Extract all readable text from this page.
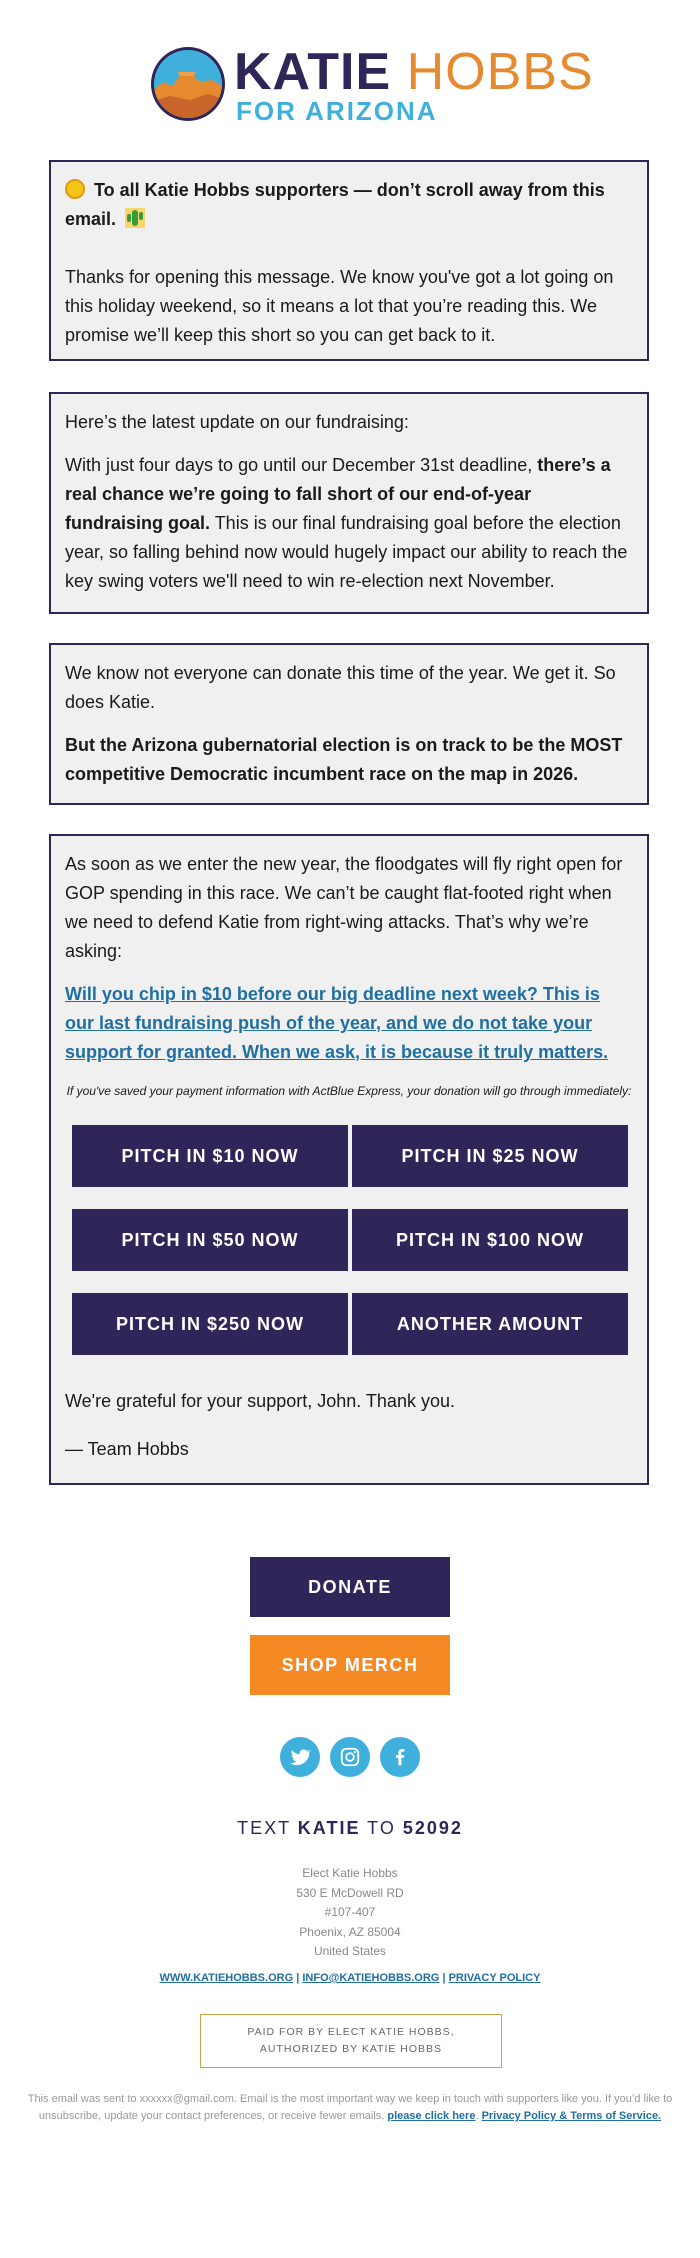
KATIE HOBBS
FOR ARIZONA

To all Katie Hobbs supporters — don’t scroll away from this email.

Thanks for opening this message. We know you've got a lot going on this holiday weekend, so it means a lot that you’re reading this. We promise we’ll keep this short so you can get back to it.

Here’s the latest update on our fundraising:

With just four days to go until our December 31st deadline, there’s a real chance we’re going to fall short of our end-of-year fundraising goal. This is our final fundraising goal before the election year, so falling behind now would hugely impact our ability to reach the key swing voters we'll need to win re-election next November.

We know not everyone can donate this time of the year. We get it. So does Katie.

But the Arizona gubernatorial election is on track to be the MOST competitive Democratic incumbent race on the map in 2026.

As soon as we enter the new year, the floodgates will fly right open for GOP spending in this race. We can’t be caught flat-footed right when we need to defend Katie from right-wing attacks. That’s why we’re asking:

Will you chip in $10 before our big deadline next week? This is our last fundraising push of the year, and we do not take your support for granted. When we ask, it is because it truly matters.

If you've saved your payment information with ActBlue Express, your donation will go through immediately:

We're grateful for your support, John. Thank you.

— Team Hobbs

PITCH IN $10 NOW	PITCH IN $25 NOW
PITCH IN $50 NOW	PITCH IN $100 NOW
PITCH IN $250 NOW	ANOTHER AMOUNT
DONATE
SHOP MERCH
TEXT KATIE TO 52092
Elect Katie Hobbs
530 E McDowell RD
#107-407
Phoenix, AZ 85004
United States
WWW.KATIEHOBBS.ORG | INFO@KATIEHOBBS.ORG | PRIVACY POLICY
PAID FOR BY ELECT KATIE HOBBS,
AUTHORIZED BY KATIE HOBBS
This email was sent to xxxxxx@gmail.com. Email is the most important way we keep in touch with supporters like you. If you’d like to unsubscribe, update your contact preferences, or receive fewer emails, please click here. Privacy Policy & Terms of Service.
